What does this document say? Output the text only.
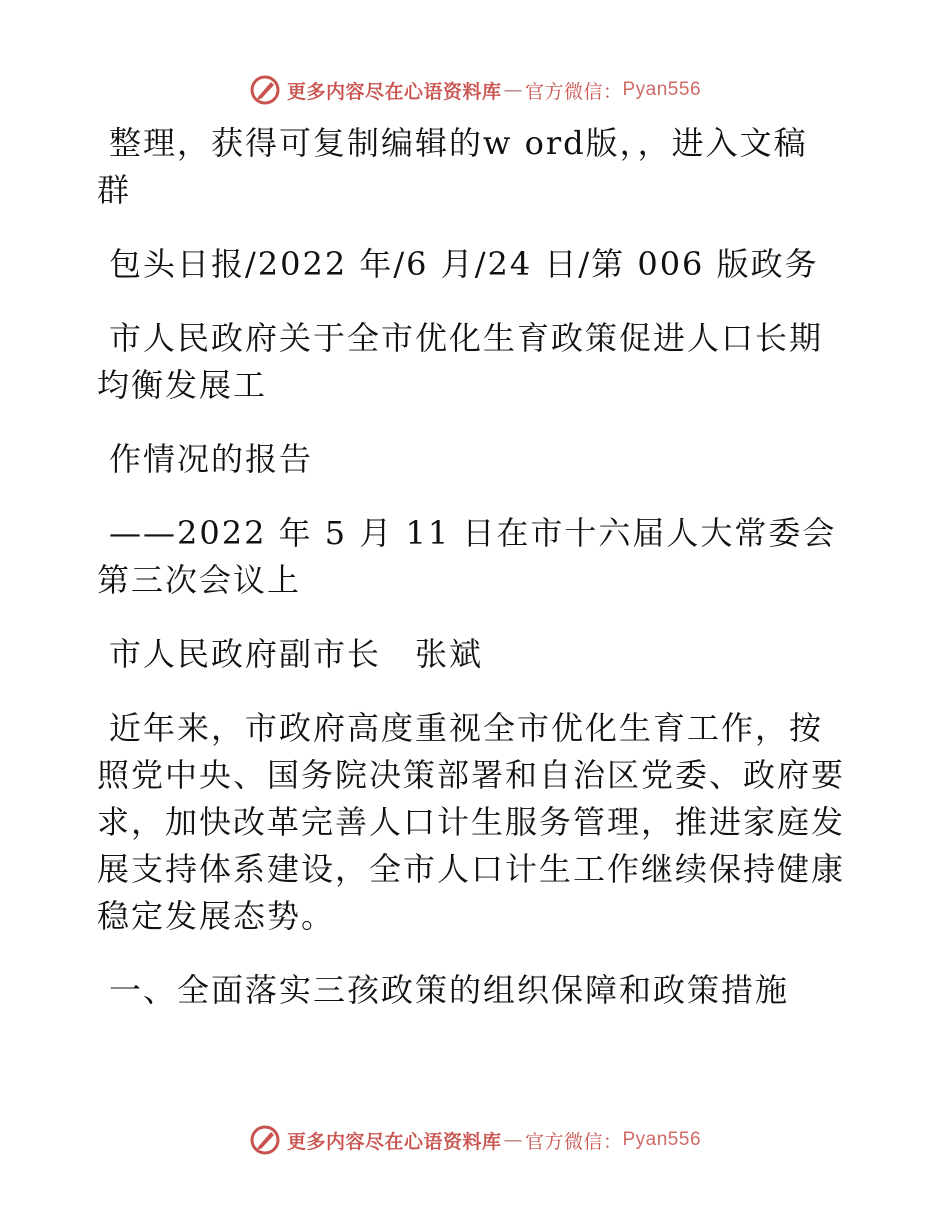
更多内容尽在心语资料库 — 官方微信： Pyan556

整理，获得可复制编辑的w ord版，，进入文稿
群

包头日报/2022 年/6 月/24 日/第 006 版政务

市人民政府关于全市优化生育政策促进人口长期
均衡发展工

作情况的报告

——2022 年 5 月 11 日在市十六届人大常委会
第三次会议上

市人民政府副市长　张斌

近年来，市政府高度重视全市优化生育工作，按
照党中央、国务院决策部署和自治区党委、政府要
求，加快改革完善人口计生服务管理，推进家庭发
展支持体系建设，全市人口计生工作继续保持健康
稳定发展态势。

一、全面落实三孩政策的组织保障和政策措施

更多内容尽在心语资料库 — 官方微信： Pyan556
